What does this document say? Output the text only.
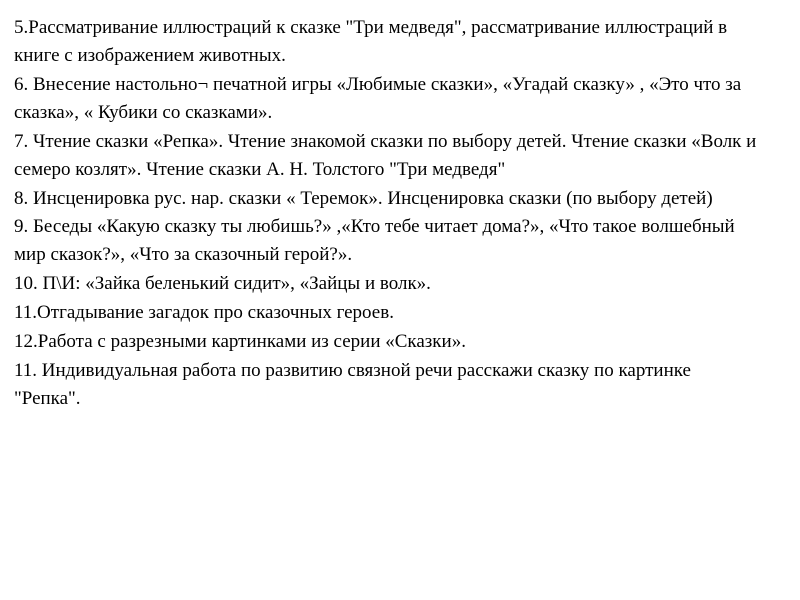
5.Рассматривание иллюстраций к сказке "Три медведя", рассматривание иллюстраций в книге с изображением животных.

6. Внесение настольно¬ печатной игры «Любимые сказки», «Угадай сказку» , «Это что за сказка», « Кубики со сказками».

7. Чтение сказки «Репка». Чтение знакомой сказки по выбору детей. Чтение сказки «Волк и семеро козлят». Чтение сказки А. Н. Толстого "Три медведя"

8. Инсценировка рус. нар. сказки « Теремок». Инсценировка сказки (по выбору детей)

9. Беседы «Какую сказку ты любишь?» ,«Кто тебе читает дома?», «Что такое волшебный мир сказок?», «Что за сказочный герой?».

10. П\И: «Зайка беленький сидит», «Зайцы и волк».

11.Отгадывание загадок про сказочных героев.

12.Работа с разрезными картинками из серии «Сказки».

11. Индивидуальная работа по развитию связной речи расскажи сказку по картинке "Репка".
